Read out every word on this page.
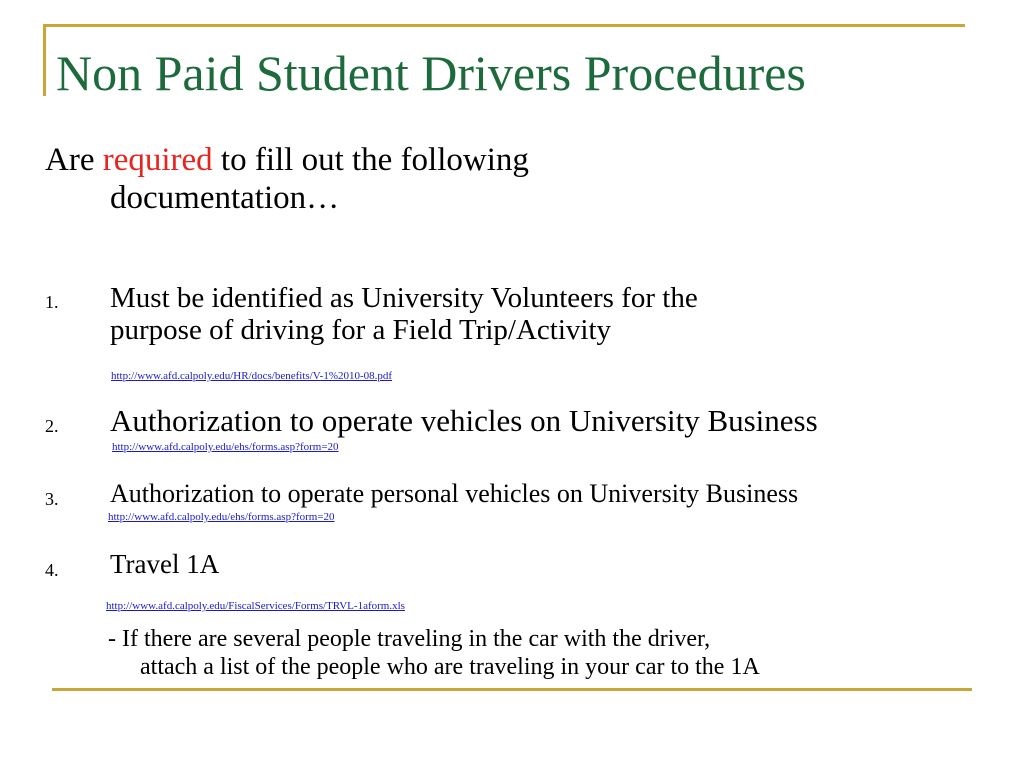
Non Paid Student Drivers Procedures
Are required to fill out the following
documentation…
1. Must be identified as University Volunteers for the
purpose of driving for a Field Trip/Activity
http://www.afd.calpoly.edu/HR/docs/benefits/V-1%2010-08.pdf
2. Authorization to operate vehicles on University Business
http://www.afd.calpoly.edu/ehs/forms.asp?form=20
3. Authorization to operate personal vehicles on University Business
http://www.afd.calpoly.edu/ehs/forms.asp?form=20
4. Travel 1A
http://www.afd.calpoly.edu/FiscalServices/Forms/TRVL-1aform.xls
- If there are several people traveling in the car with the driver,
attach a list of the people who are traveling in your car to the 1A
